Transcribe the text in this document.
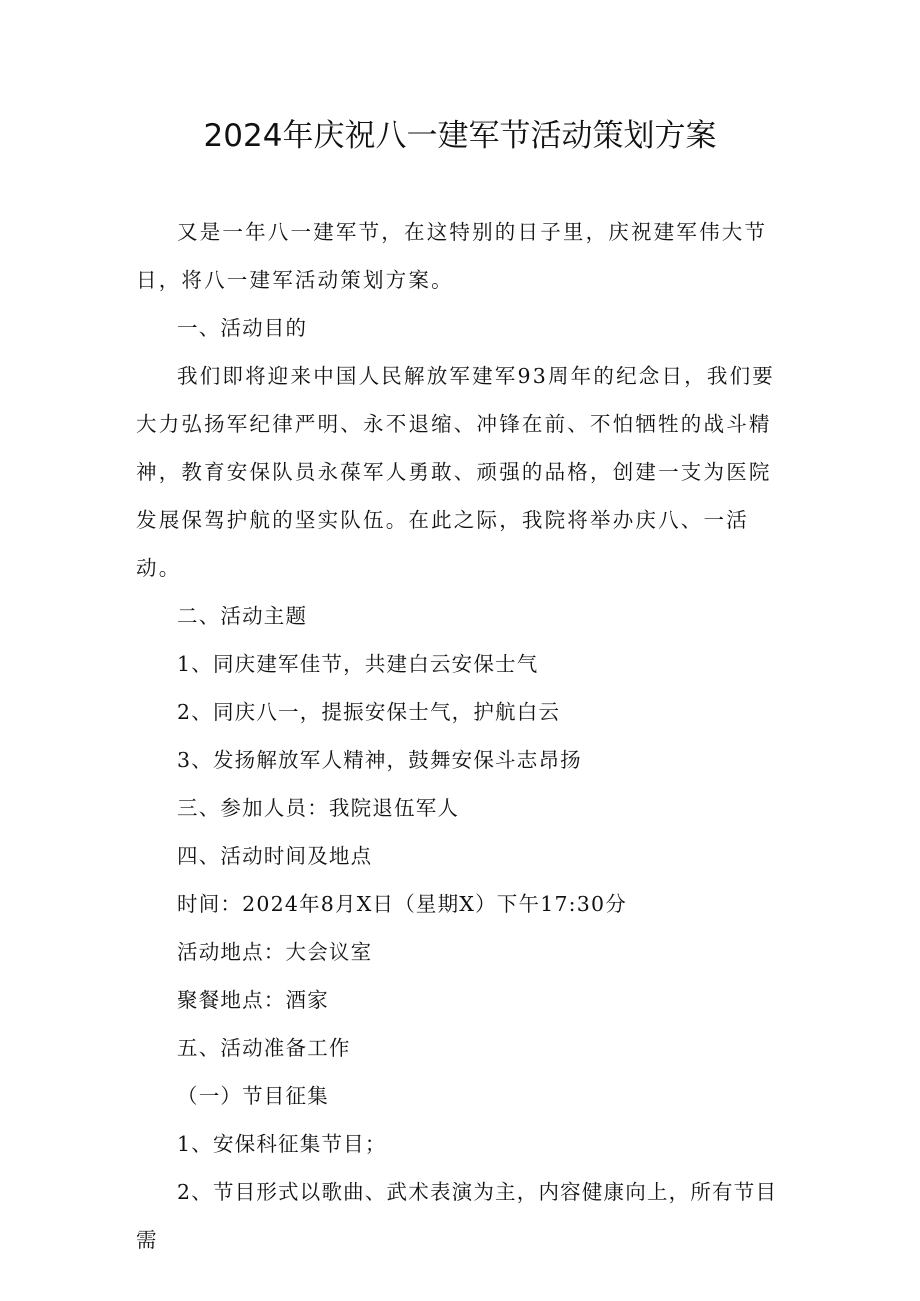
2024年庆祝八一建军节活动策划方案

又是一年八一建军节，在这特别的日子里，庆祝建军伟大节日，将八一建军活动策划方案。

一、活动目的

我们即将迎来中国人民解放军建军93周年的纪念日，我们要大力弘扬军纪律严明、永不退缩、冲锋在前、不怕牺牲的战斗精神，教育安保队员永葆军人勇敢、顽强的品格，创建一支为医院发展保驾护航的坚实队伍。在此之际，我院将举办庆八、一活动。

二、活动主题

1、同庆建军佳节，共建白云安保士气

2、同庆八一，提振安保士气，护航白云

3、发扬解放军人精神，鼓舞安保斗志昂扬

三、参加人员：我院退伍军人

四、活动时间及地点

时间：2024年8月X日（星期X）下午17:30分

活动地点：大会议室

聚餐地点：酒家

五、活动准备工作

（一）节目征集

1、安保科征集节目；

2、节目形式以歌曲、武术表演为主，内容健康向上，所有节目需
